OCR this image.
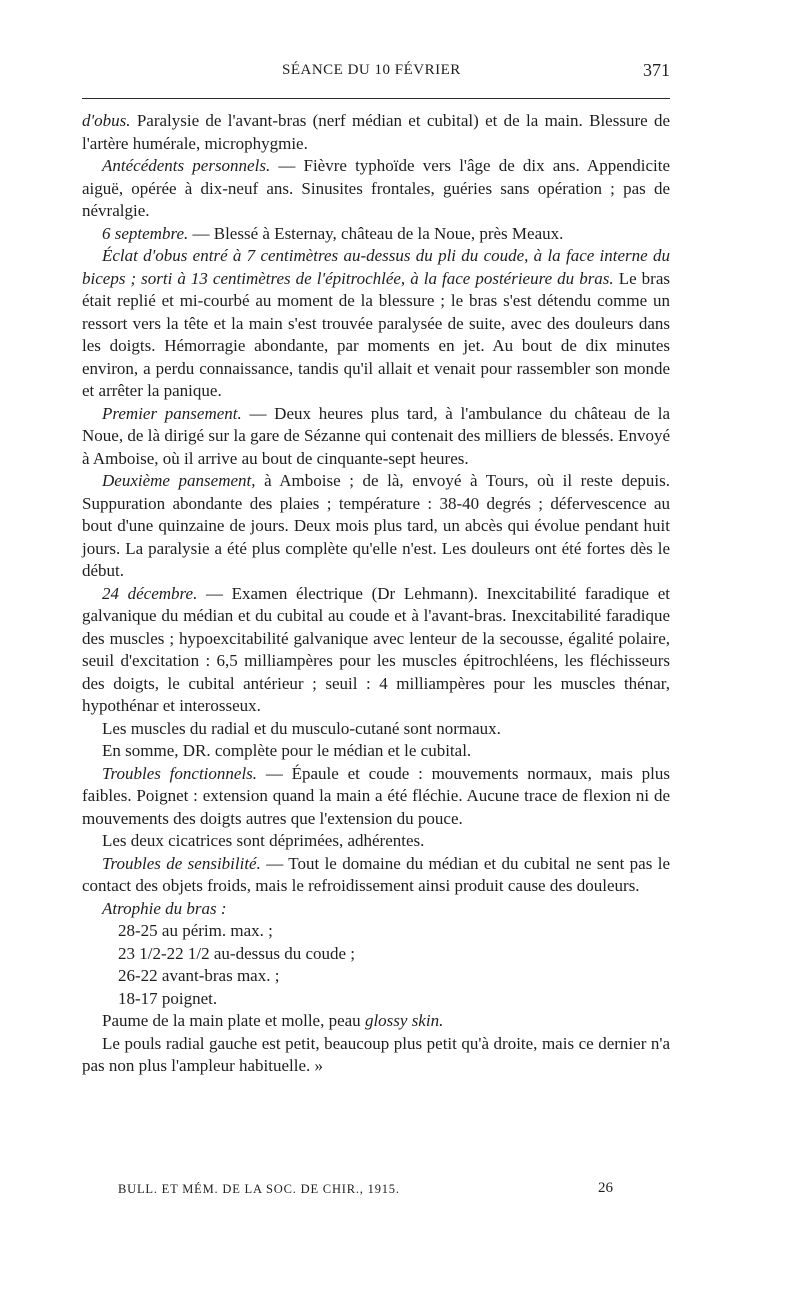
SÉANCE DU 10 FÉVRIER	371

d'obus. Paralysie de l'avant-bras (nerf médian et cubital) et de la main. Blessure de l'artère humérale, microphygmie.

Antécédents personnels. — Fièvre typhoïde vers l'âge de dix ans. Appendicite aiguë, opérée à dix-neuf ans. Sinusites frontales, guéries sans opération ; pas de névralgie.

6 septembre. — Blessé à Esternay, château de la Noue, près Meaux.

Éclat d'obus entré à 7 centimètres au-dessus du pli du coude, à la face interne du biceps ; sorti à 13 centimètres de l'épitrochlée, à la face postérieure du bras. Le bras était replié et mi-courbé au moment de la blessure ; le bras s'est détendu comme un ressort vers la tête et la main s'est trouvée paralysée de suite, avec des douleurs dans les doigts. Hémorragie abondante, par moments en jet. Au bout de dix minutes environ, a perdu connaissance, tandis qu'il allait et venait pour rassembler son monde et arrêter la panique.

Premier pansement. — Deux heures plus tard, à l'ambulance du château de la Noue, de là dirigé sur la gare de Sézanne qui contenait des milliers de blessés. Envoyé à Amboise, où il arrive au bout de cinquante-sept heures.

Deuxième pansement, à Amboise ; de là, envoyé à Tours, où il reste depuis. Suppuration abondante des plaies ; température : 38-40 degrés ; défervescence au bout d'une quinzaine de jours. Deux mois plus tard, un abcès qui évolue pendant huit jours. La paralysie a été plus complète qu'elle n'est. Les douleurs ont été fortes dès le début.

24 décembre. — Examen électrique (Dr Lehmann). Inexcitabilité faradique et galvanique du médian et du cubital au coude et à l'avant-bras. Inexcitabilité faradique des muscles ; hypoexcitabilité galvanique avec lenteur de la secousse, égalité polaire, seuil d'excitation : 6,5 milliampères pour les muscles épitrochléens, les fléchisseurs des doigts, le cubital antérieur ; seuil : 4 milliampères pour les muscles thénar, hypothénar et interosseux.

Les muscles du radial et du musculo-cutané sont normaux.

En somme, DR. complète pour le médian et le cubital.

Troubles fonctionnels. — Épaule et coude : mouvements normaux, mais plus faibles. Poignet : extension quand la main a été fléchie. Aucune trace de flexion ni de mouvements des doigts autres que l'extension du pouce.

Les deux cicatrices sont déprimées, adhérentes.

Troubles de sensibilité. — Tout le domaine du médian et du cubital ne sent pas le contact des objets froids, mais le refroidissement ainsi produit cause des douleurs.

Atrophie du bras :
28-25 au périm. max. ;
23 1/2-22 1/2 au-dessus du coude ;
26-22 avant-bras max. ;
18-17 poignet.

Paume de la main plate et molle, peau glossy skin.

Le pouls radial gauche est petit, beaucoup plus petit qu'à droite, mais ce dernier n'a pas non plus l'ampleur habituelle. »

BULL. ET MÉM. DE LA SOC. DE CHIR., 1915.	26
